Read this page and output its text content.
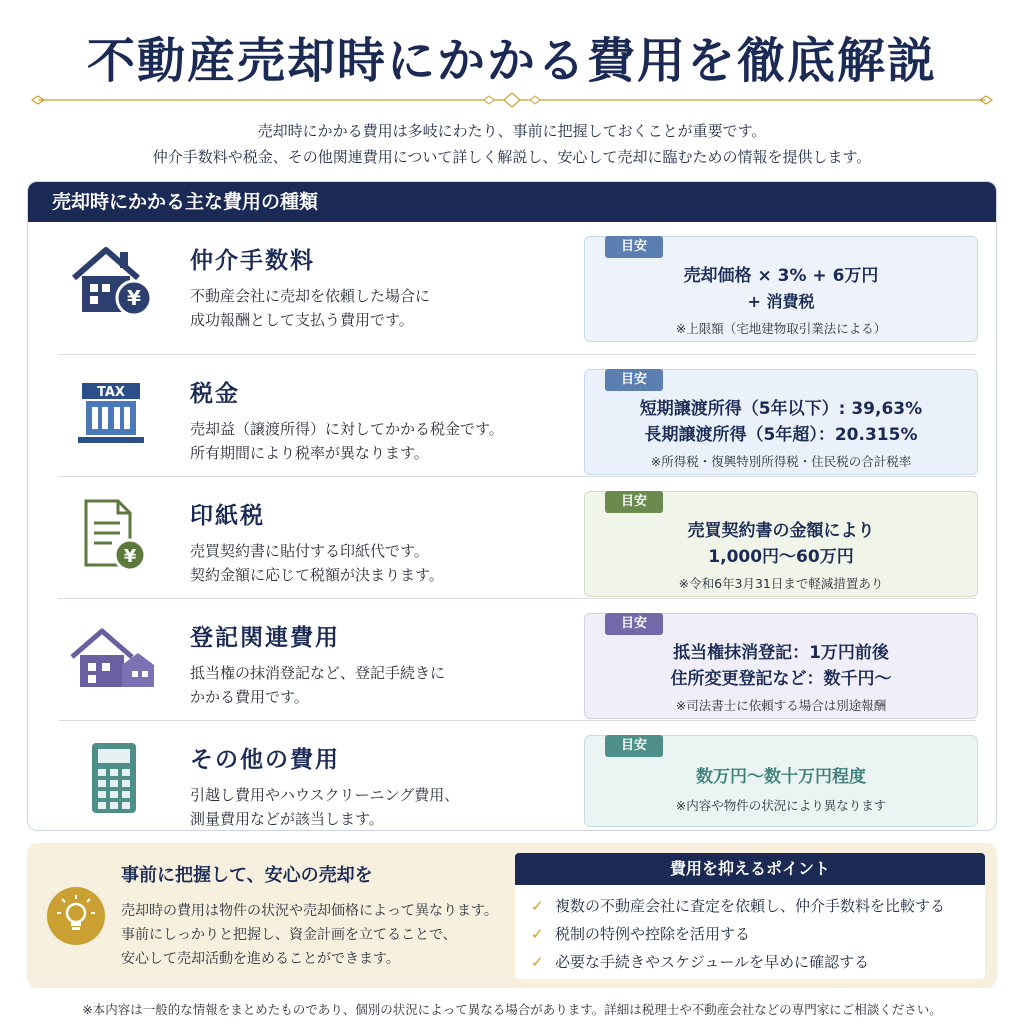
不動産売却時にかかる費用を徹底解説
売却時にかかる費用は多岐にわたり、事前に把握しておくことが重要です。
仲介手数料や税金、その他関連費用について詳しく解説し、安心して売却に臨むための情報を提供します。
売却時にかかる主な費用の種類
¥
仲介手数料
不動産会社に売却を依頼した場合に
成功報酬として支払う費用です。
目安
売却価格 × 3% + 6万円
+ 消費税
※上限額（宅地建物取引業法による）
TAX	税金
売却益（譲渡所得）に対してかかる税金です。
所有期間により税率が異なります。
目安
短期譲渡所得（5年以下）: 39,63%
長期譲渡所得（5年超）：20.315%
※所得税・復興特別所得税・住民税の合計税率
¥
印紙税
売買契約書に貼付する印紙代です。
契約金額に応じて税額が決まります。
目安
売買契約書の金額により
1,000円〜60万円
※令和6年3月31日まで軽減措置あり
登記関連費用
抵当権の抹消登記など、登記手続きに
かかる費用です。
目安
抵当権抹消登記：1万円前後
住所変更登記など：数千円〜
※司法書士に依頼する場合は別途報酬
その他の費用
引越し費用やハウスクリーニング費用、
測量費用などが該当します。
目安
数万円〜数十万円程度
※内容や物件の状況により異なります
事前に把握して、安心の売却を
売却時の費用は物件の状況や売却価格によって異なります。
事前にしっかりと把握し、資金計画を立てることで、
安心して売却活動を進めることができます。
費用を抑えるポイント
✓ 複数の不動産会社に査定を依頼し、仲介手数料を比較する
✓ 税制の特例や控除を活用する
✓ 必要な手続きやスケジュールを早めに確認する
※本内容は一般的な情報をまとめたものであり、個別の状況によって異なる場合があります。詳細は税理士や不動産会社などの専門家にご相談ください。
